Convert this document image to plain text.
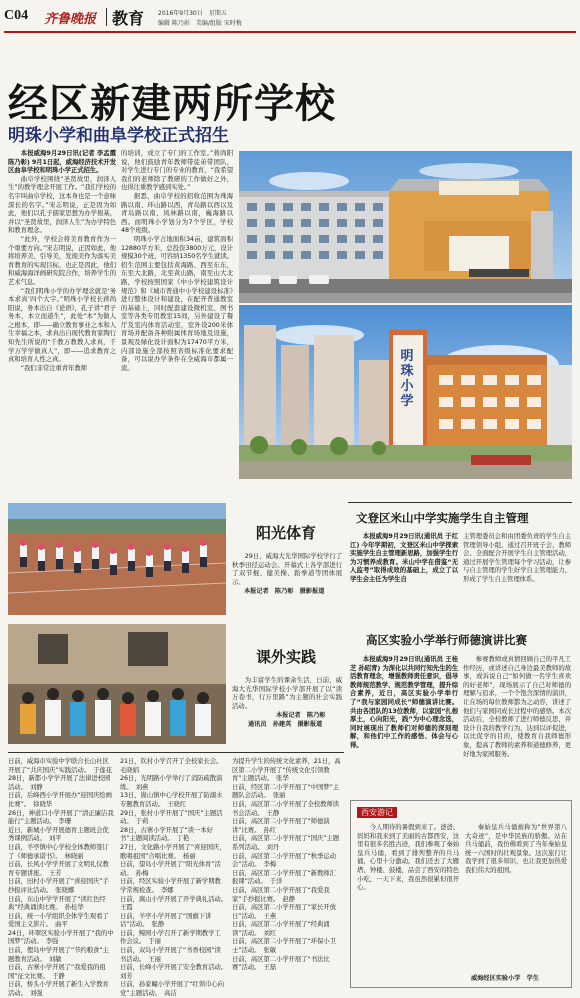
C04 齐鲁晚报 教育 2016年9月30日　星期五
编辑 陈乃彰　美编/组版 宋时梅
经区新建两所学校
明珠小学和曲阜学校正式招生

本报威海9月29日讯(记者 李孟霞 陈乃彰) 9月1日起，威海经济技术开发区曲阜学校和明珠小学正式招生。

曲阜学校围绕“圣贤故里，润泽人生”的教学理念开展工作。“我们学校的名字叫曲阜学校，这本身也是一个意味深长的名字。”宋志明说，正是因为如此，他们以孔子儒家思想为办学根基，并以“圣贤故里，润泽人生”为办学特色和教育理念。

“此外，学校会将美育教育作为一个重要方向。”宋志明说，正因如此，他将培养美、引导美，发现美作为落实美育教育的实现目标，也正是因此，他们和威海海洋画研究院合作，培养学生的艺术气息。

“我们明珠小学的办学理念就是‘务本求真’四个大字。”明珠小学校长蒋尚阳说，务本出自《论语》，孔子讲“君子务本，本立而道生”，此处“本”为做人之根本，即——确立教育事业之本和人生幸福之本，求真出自现代教育家陶行知先生所说的“千教万教教人求真，千学万学学做真人”，即——追求教育之真和培育人性之真。

“我们非常注重青年教师

的培训，成立了专门的工作室。”蒋尚阳说，他们鼓励青年教师带徒弟带团队，对学生进行专门的专业的教育，“我希望我们的老师除了教研的工作做好之外，也得注重教学感到实处。”

据悉，曲阜学校的招收范围为珠海路以南、环山路以西，青岛路以西以及青岛路以南、凤林路以南，巍海路以西。而明珠小学划分为7个学区，学校48个班级。

明珠小学占地面积34亩，建筑面积12880平方米，总投资3800万元，设计规模30个班，可容纳1350名学生就读。招生范围主要包括黄海路、西至东东，东至大北路，北至黄山路，南至山大北路，学校按照国家《中小学校建筑设计规范》和《城市普通中小学校建设标准》进行整体设计和建设，在配齐普通教室的基础上，同时配套建设微机室、图书室等各类专用教室15间，另外建设了餐厅及室内体育活动室，室外设200米体育场并配备各种附属体育场地及设施，景观及绿化设计面积为17470平方米，内部设施全部按照省级标准化要求配备，可以说办学条件在全威海市都属一流。

明珠小学
阳光体育

29日，威海大光华国际学校学行了秋季田径运动会。开幕式上各学部进行了双节棍、健美操、跆拳道等团体展示。

本报记者　陈乃彰　摄影报道
课外实践

为丰富学生的课余生活，日前，威海大光华国际学校小学部开展了以“读万卷书，行万里路”为主题的社会实践活动。

本报记者　陈乃彰
通讯员　孙建英　摄影报道
文登区米山中学实施学生自主管理

本报威海9月29日讯(通讯员 于红江) 今年学期初，文登区米山中学探索实施学生自主管理新思路，加强学生行为习惯养成教育。米山中学在借鉴“无人监考”取得成效的基础上，成立了以学生会主任为学生自

主管理委员会和由团委负责的学生自主管理领导小组，通过召开班子会、教师会、全面配合开展学生自主管理活动，通过开展学生管理每个学习活动，让参与自主管理的学生好学自主管理能力，形成了学生自主管理体系。

高区实验小学举行师德演讲比赛

本报威海9月29日讯(通讯员 王桂芝 孙昭青) 为深化以共同行知先生的生活教育理念，增强教师责任意识，倡导教师规范教学、规范教学管理，提升综合素养，近日，高区实验小学举行了“我与家园同成长”师德演讲比赛。共由各团队的13位教师，以家园“扎根厚土，心向阳光，践”为中心理念选，同时展现出了教师们对师德的深刻理解，和他们中工作的感悟、体会与心得。

参赛教师或真情回顾自己的平凡工作经历，或讲述自己身边最美教师的故事，或诉说自己“如何做一名学生喜欢的好老师”，现场展示了自己对师德的理解与追求，一个个饱含深情的演讲，让在场的每位教师都为之动容，讲述了他们与家园同成长过程中的感悟。本次活动后，全校教师了进行师德反思，并设计自我的教学行为，达到以评促进，以比促学的目的，使教育自我师德形象，提高了教师的素养和道德修养，更好地为家园服务。

日前，威海市实验中学联合长山社区开展了“共庆国庆”实践活动。　于莲花
28日，新都小学学开展了法律进校园活动。　刘静
日前，后峰西小学开展办“迎国庆绘画比赛”。　徐晓华
26日，神道口小学开展了“清正廉洁我能行”主题活动。　李珊
近日，新城小学开展德育主题班会优秀课例活动。　刘平
日前，羊亭镇中心学校全体教师签订了《师德承诺书》。　林晓丽
日前，长风小学学开展了文明礼仪教育专题讲座。　王芳
日前，田村小学开展了“喜迎国庆”手抄报评比活动。　张晓娜
日前，东山中学学开展了“读红色经典”经典诵读比赛。　孙桂华
日前，统一小学组织全体学生观看了爱国主义影片。　曲平
24日，环翠区实验小学开展了“我的中国梦”活动。　李强
日前，俚岛中学开展了“节约粮食”主题教育活动。　刘敏
日前，古寨小学开展了“我爱我的祖国”征文比赛。　于静
日前，桥头小学开展了新生入学教育活动。　刘强
21日，钦村小学召开了全校家长会。　毛晓娟
26日，光明路小学举行了消防疏散演练。　刘燕
13日，崮山镇中心学校开展了防溺水专题教育活动。　王晓红
29日，张村小学开展了“国庆”主题活动。　于莉
28日，古寨小学开展了“读一本好书”主题阅读活动。　丁艳
27日，文化路小学开展了“喜迎国庆，歌唱祖国”合唱比赛。　杨丽
日前，望岛小学开展了“阳光体育”活动。　孙梅
日前，经区实验小学开展了新学期教学常规检查。　李娜
日前，嵩山小学开展了开学典礼活动。　王霞
日前，羊亭小学开展了“国旗下讲话”活动。　张静
日前，鲸园小学召开了新学期教学工作会议。　于丽
日前，双岛小学开展了“书香校园”读书活动。　王丽
日前，长峰小学开展了安全教育活动。　刘芳
日前，孙家疃小学开展了“红领巾心向党”主题活动。　高洁
为提升学生的传统文化素养，21日，高区第二小学开展了“传统文化引领教育”主题活动。　张华
日前，经区第二小学开展了“中国梦”主题队会活动。　张丽
日前，高区第二小学开展了全校教师读书会活动。　王静
日前，高区第二小学开展了“师德演讲”比赛。　孙红
日前，高区第二小学开展了“国庆”主题系列活动。　刘丹
日前，高区第二小学开展了“秋季运动会”活动。　李梅
日前，高区第二小学开展了“新教师汇报课”活动。　于洋
日前，高区第二小学开展了“我爱我家”手抄报比赛。　赵静
日前，高区第二小学开展了“家长开放日”活动。　王燕
日前，高区第二小学开展了“经典诵读”活动。　刘红
日前，高区第二小学开展了“环保小卫士”活动。　张敏
日前，高区第二小学开展了“书法比赛”活动。　王磊
西安游记

今人期待的暑假到来了。爸爸、妈妈和我来到了美丽的古都西安，这里有很多名胜古迹，我们参观了秦始皇兵马俑，看到了排列整齐的兵马俑，心里十分激动。我们还去了大雁塔、钟楼、鼓楼，品尝了西安的特色小吃，一天下来，我虽然很累但很开心。

秦始皇兵马俑被称为“世界第八大奇迹”，是中华民族的骄傲。站在兵马俑前，我仿佛看到了当年秦始皇统一六国时的壮观景象。这次旅行让我学到了很多知识，也让我更加热爱我们伟大的祖国。

威海经区实验小学　学生
